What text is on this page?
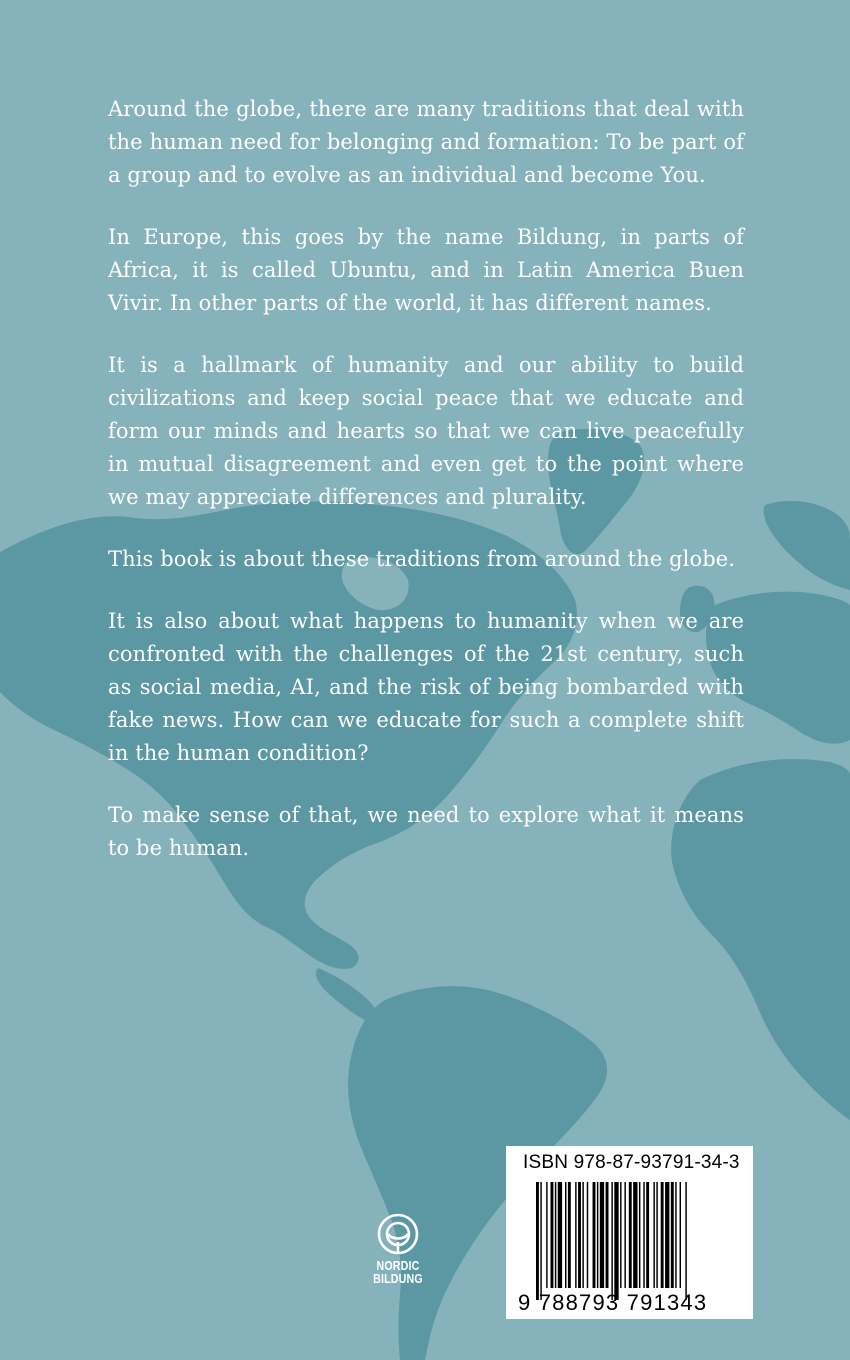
Around the globe, there are many traditions that deal with the human need for belonging and formation: To be part of a group and to evolve as an individual and become You.

In Europe, this goes by the name Bildung, in parts of Africa, it is called Ubuntu, and in Latin America Buen Vivir. In other parts of the world, it has different names.

It is a hallmark of humanity and our ability to build civilizations and keep social peace that we educate and form our minds and hearts so that we can live peacefully in mutual disagreement and even get to the point where we may appreciate differences and plurality.

This book is about these traditions from around the globe.

It is also about what happens to humanity when we are confronted with the challenges of the 21st century, such as social media, AI, and the risk of being bombarded with fake news. How can we educate for such a complete shift in the human condition?

To make sense of that, we need to explore what it means to be human.

NORDIC
BILDUNG
ISBN 978-87-93791-34-3
9 788793 791343
